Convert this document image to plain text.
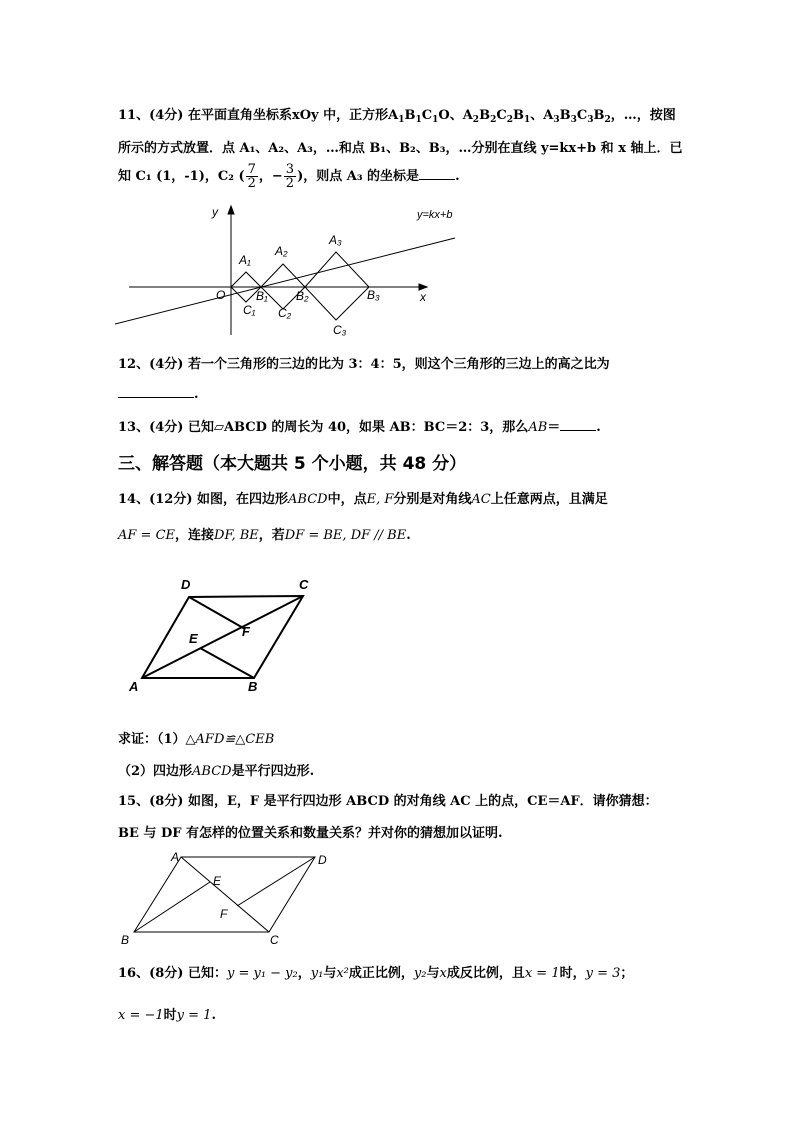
11、(4分) 在平面直角坐标系xOy 中，正方形$A_1B_1C_1O$、$A_2B_2C_2B_1$、$A_3B_3C_3B_2$，…，按图
所示的方式放置．点 A₁、A₂、A₃，…和点 B₁、B₂、B₃，…分别在直线 y=kx+b 和 x 轴上．已
知 C₁ (1，-1)，C₂ ( $\frac{7}{2}$ ，− $\frac{3}{2}$ )，则点 A₃ 的坐标是	.
y
x
O
y=kx+b
A₁
A₂
A₃
B₁ B₂	B₃
C₁ C₂
C₃
12、(4分) 若一个三角形的三边的比为 3：4：5，则这个三角形的三边上的高之比为
.
13、(4分) 已知▱ABCD 的周长为 40，如果 AB：BC＝2：3，那么AB＝	.
三、解答题（本大题共 5 个小题，共 48 分）
14、(12分) 如图，在四边形ABCD中，点E, F分别是对角线AC上任意两点，且满足
AF = CE，连接DF, BE，若DF = BE, DF // BE.
A	B
C
D
E	F
求证：（1）△AFD≌△CEB
（2）四边形ABCD是平行四边形.
15、(8分) 如图，E，F 是平行四边形 ABCD 的对角线 AC 上的点，CE＝AF．请你猜想：
BE 与 DF 有怎样的位置关系和数量关系？并对你的猜想加以证明.
A
B	C
D
E
F
16、(8分) 已知：y = y₁ − y₂，y₁与x²成正比例，y₂与x成反比例，且x = 1时，y = 3；
x = −1时y = 1.
